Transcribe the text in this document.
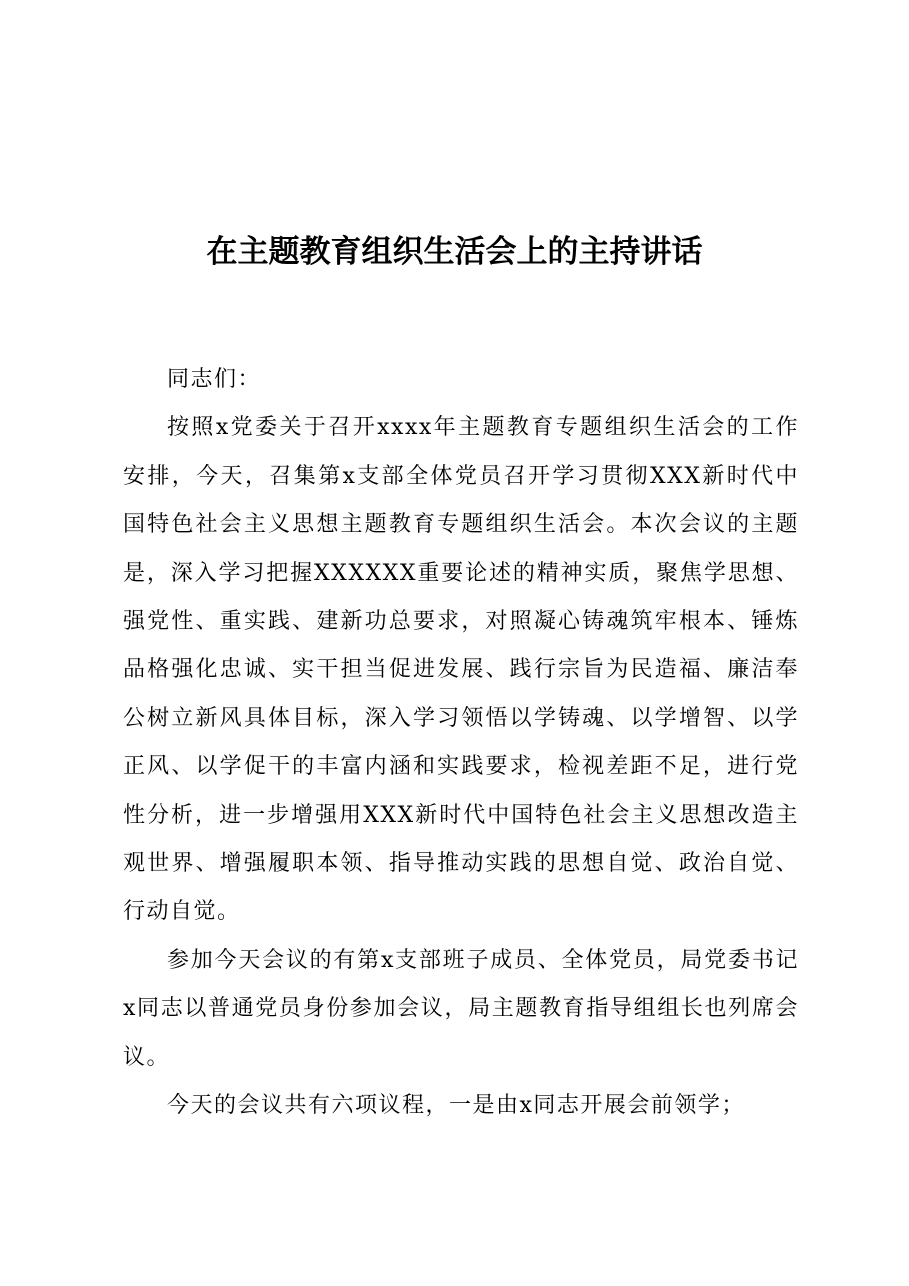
在主题教育组织生活会上的主持讲话

同志们：

按照x党委关于召开xxxx年主题教育专题组织生活会的工作安排，今天，召集第x支部全体党员召开学习贯彻XXX新时代中国特色社会主义思想主题教育专题组织生活会。本次会议的主题是，深入学习把握XXXXXX重要论述的精神实质，聚焦学思想、强党性、重实践、建新功总要求，对照凝心铸魂筑牢根本、锤炼品格强化忠诚、实干担当促进发展、践行宗旨为民造福、廉洁奉公树立新风具体目标，深入学习领悟以学铸魂、以学增智、以学正风、以学促干的丰富内涵和实践要求，检视差距不足，进行党性分析，进一步增强用XXX新时代中国特色社会主义思想改造主观世界、增强履职本领、指导推动实践的思想自觉、政治自觉、行动自觉。

参加今天会议的有第x支部班子成员、全体党员，局党委书记x同志以普通党员身份参加会议，局主题教育指导组组长也列席会议。

今天的会议共有六项议程，一是由x同志开展会前领学；
